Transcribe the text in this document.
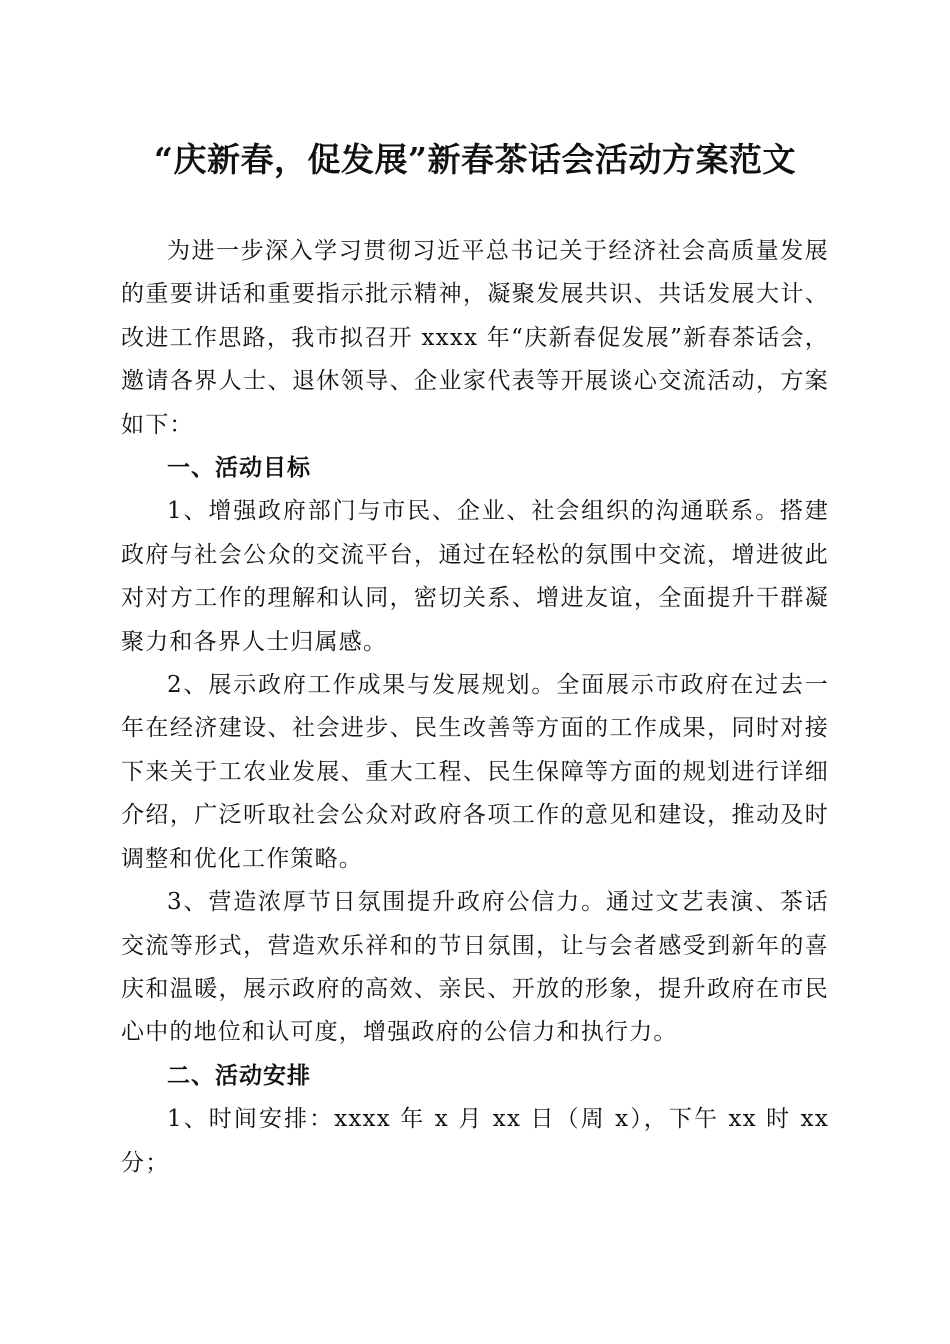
“庆新春，促发展”新春茶话会活动方案范文

为进一步深入学习贯彻习近平总书记关于经济社会高质量发展的重要讲话和重要指示批示精神，凝聚发展共识、共话发展大计、改进工作思路，我市拟召开 xxxx 年“庆新春促发展”新春茶话会，邀请各界人士、退休领导、企业家代表等开展谈心交流活动，方案如下：

一、活动目标

1、增强政府部门与市民、企业、社会组织的沟通联系。搭建政府与社会公众的交流平台，通过在轻松的氛围中交流，增进彼此对对方工作的理解和认同，密切关系、增进友谊，全面提升干群凝聚力和各界人士归属感。

2、展示政府工作成果与发展规划。全面展示市政府在过去一年在经济建设、社会进步、民生改善等方面的工作成果，同时对接下来关于工农业发展、重大工程、民生保障等方面的规划进行详细介绍，广泛听取社会公众对政府各项工作的意见和建设，推动及时调整和优化工作策略。

3、营造浓厚节日氛围提升政府公信力。通过文艺表演、茶话交流等形式，营造欢乐祥和的节日氛围，让与会者感受到新年的喜庆和温暖，展示政府的高效、亲民、开放的形象，提升政府在市民心中的地位和认可度，增强政府的公信力和执行力。

二、活动安排

1、时间安排：xxxx 年 x 月 xx 日（周 x），下午 xx 时 xx 分；
